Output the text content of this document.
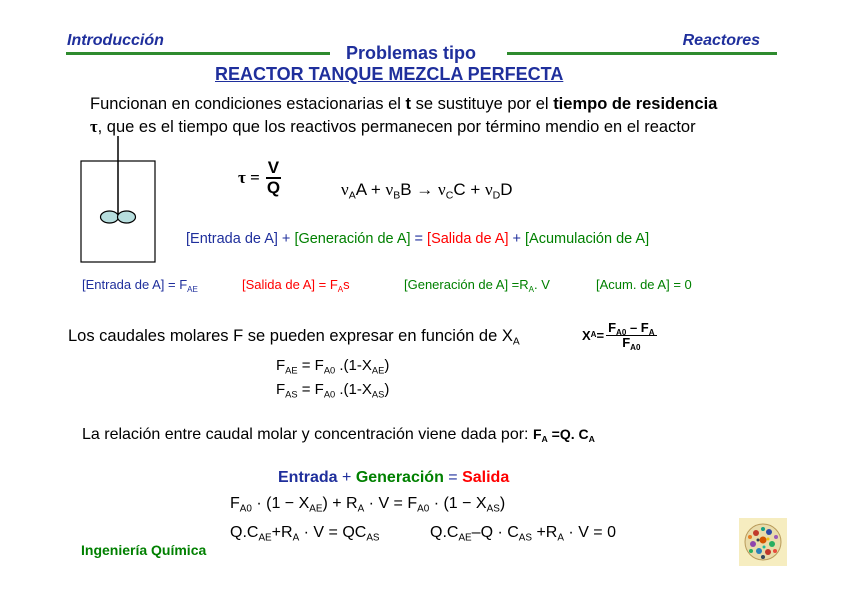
Introducción	Reactores
Problemas tipo
REACTOR TANQUE MEZCLA PERFECTA
Funcionan en condiciones estacionarias el t se sustituye por el tiempo de residencia
τ, que es el tiempo que los reactivos permanecen por término mendio en el reactor
$\tau = \frac{V}{Q}$	$\nu_AA + \nu_BB \to \nu_CC + \nu_DD$
[Entrada de A] + [Generación de A] = [Salida de A] + [Acumulación de A]
[Entrada de $A] = F_{AE}$	[Salida de $A] = F_As$	[Generación de $A] =R_A$. V	[Acum. de A] = 0
Los caudales molares F se pueden expresar en función de $X_A$	X $A = \frac{F_{A0} - F_A}{F_{A0}}$
$F_{AE} = F_{A0}$ $.(1-X_{AE})$
$F_{AS} = F_{A0}$ $.(1-X_{AS})$
La relación entre caudal molar y concentración viene dada por: $F_A =Q$. $C_A$
Entrada + Generación = Salida
$F_{A0} \cdot (1 - X_{AE}) + R_A \cdot V = F_{A0} \cdot (1 - X_{AS})$
$Q.C_{AE}+R_A \cdot V = QC_{AS}$	$Q.C_{AE}-Q \cdot C_{AS} +R_A \cdot V = 0$
Ingeniería Química
